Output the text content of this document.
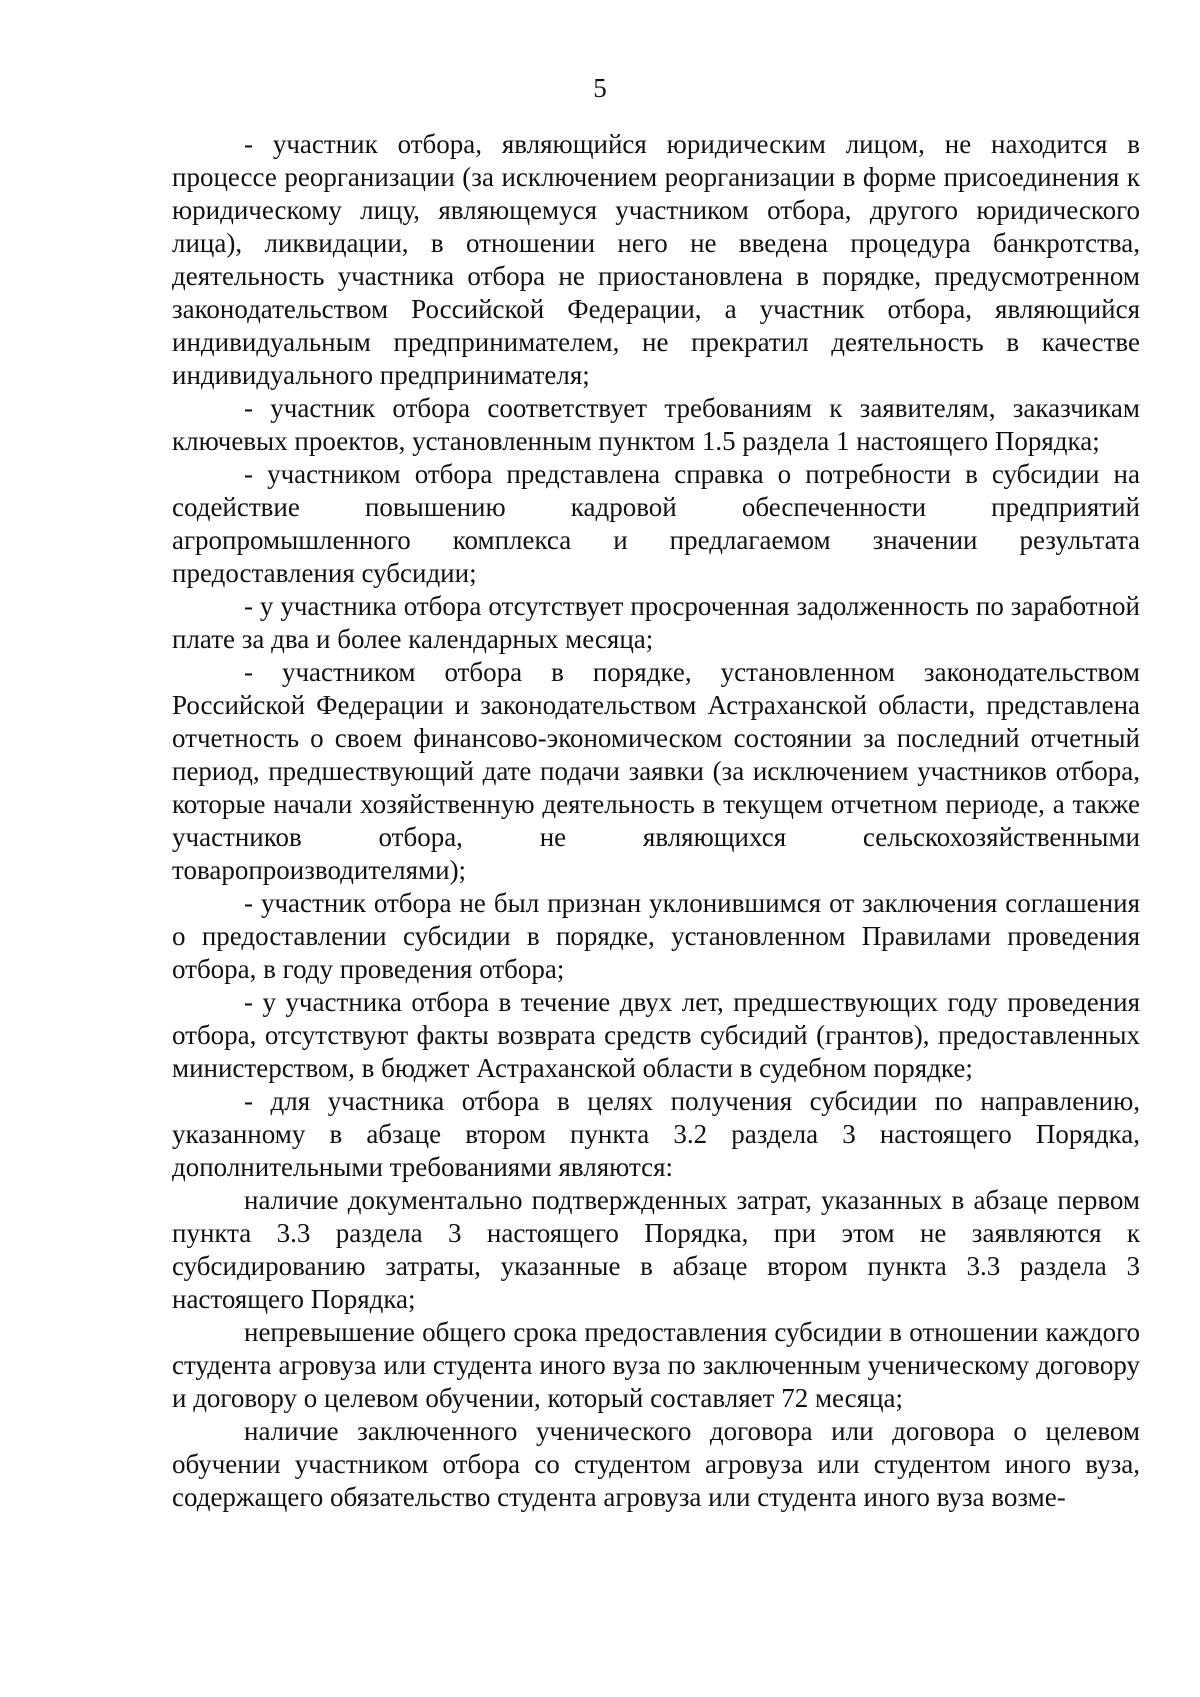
5

- участник отбора, являющийся юридическим лицом, не находится в процессе реорганизации (за исключением реорганизации в форме присоединения к юридическому лицу, являющемуся участником отбора, другого юридического лица), ликвидации, в отношении него не введена процедура банкротства, деятельность участника отбора не приостановлена в порядке, предусмотренном законодательством Российской Федерации, а участник отбора, являющийся индивидуальным предпринимателем, не прекратил деятельность в качестве индивидуального предпринимателя;

- участник отбора соответствует требованиям к заявителям, заказчикам ключевых проектов, установленным пунктом 1.5 раздела 1 настоящего Порядка;

- участником отбора представлена справка о потребности в субсидии на содействие повышению кадровой обеспеченности предприятий агропромышленного комплекса и предлагаемом значении результата предоставления субсидии;

- у участника отбора отсутствует просроченная задолженность по заработной плате за два и более календарных месяца;

- участником отбора в порядке, установленном законодательством Российской Федерации и законодательством Астраханской области, представлена отчетность о своем финансово-экономическом состоянии за последний отчетный период, предшествующий дате подачи заявки (за исключением участников отбора, которые начали хозяйственную деятельность в текущем отчетном периоде, а также участников отбора, не являющихся сельскохозяйственными товаропроизводителями);

- участник отбора не был признан уклонившимся от заключения соглашения о предоставлении субсидии в порядке, установленном Правилами проведения отбора, в году проведения отбора;

- у участника отбора в течение двух лет, предшествующих году проведения отбора, отсутствуют факты возврата средств субсидий (грантов), предоставленных министерством, в бюджет Астраханской области в судебном порядке;

- для участника отбора в целях получения субсидии по направлению, указанному в абзаце втором пункта 3.2 раздела 3 настоящего Порядка, дополнительными требованиями являются:

наличие документально подтвержденных затрат, указанных в абзаце первом пункта 3.3 раздела 3 настоящего Порядка, при этом не заявляются к субсидированию затраты, указанные в абзаце втором пункта 3.3 раздела 3 настоящего Порядка;

непревышение общего срока предоставления субсидии в отношении каждого студента агровуза или студента иного вуза по заключенным ученическому договору и договору о целевом обучении, который составляет 72 месяца;

наличие заключенного ученического договора или договора о целевом обучении участником отбора со студентом агровуза или студентом иного вуза, содержащего обязательство студента агровуза или студента иного вуза возме-
